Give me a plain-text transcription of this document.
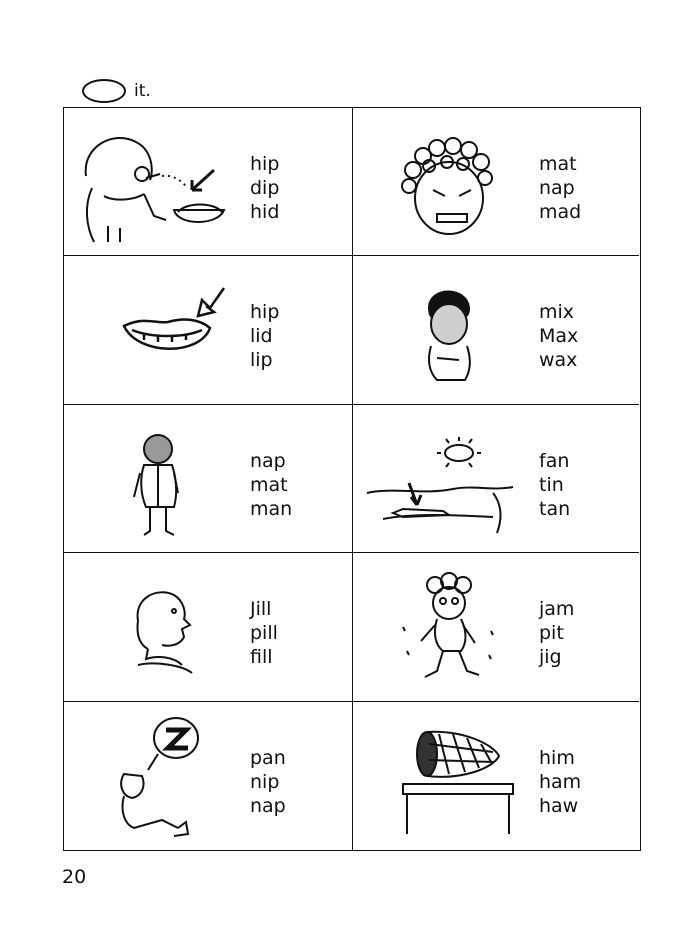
it.
hip
dip
hid
mat
nap
mad
hip
lid
lip
mix
Max
wax
nap
mat
man
fan
tin
tan
Jill
pill
fill
jam
pit
jig
pan
nip
nap
him
ham
haw
20
